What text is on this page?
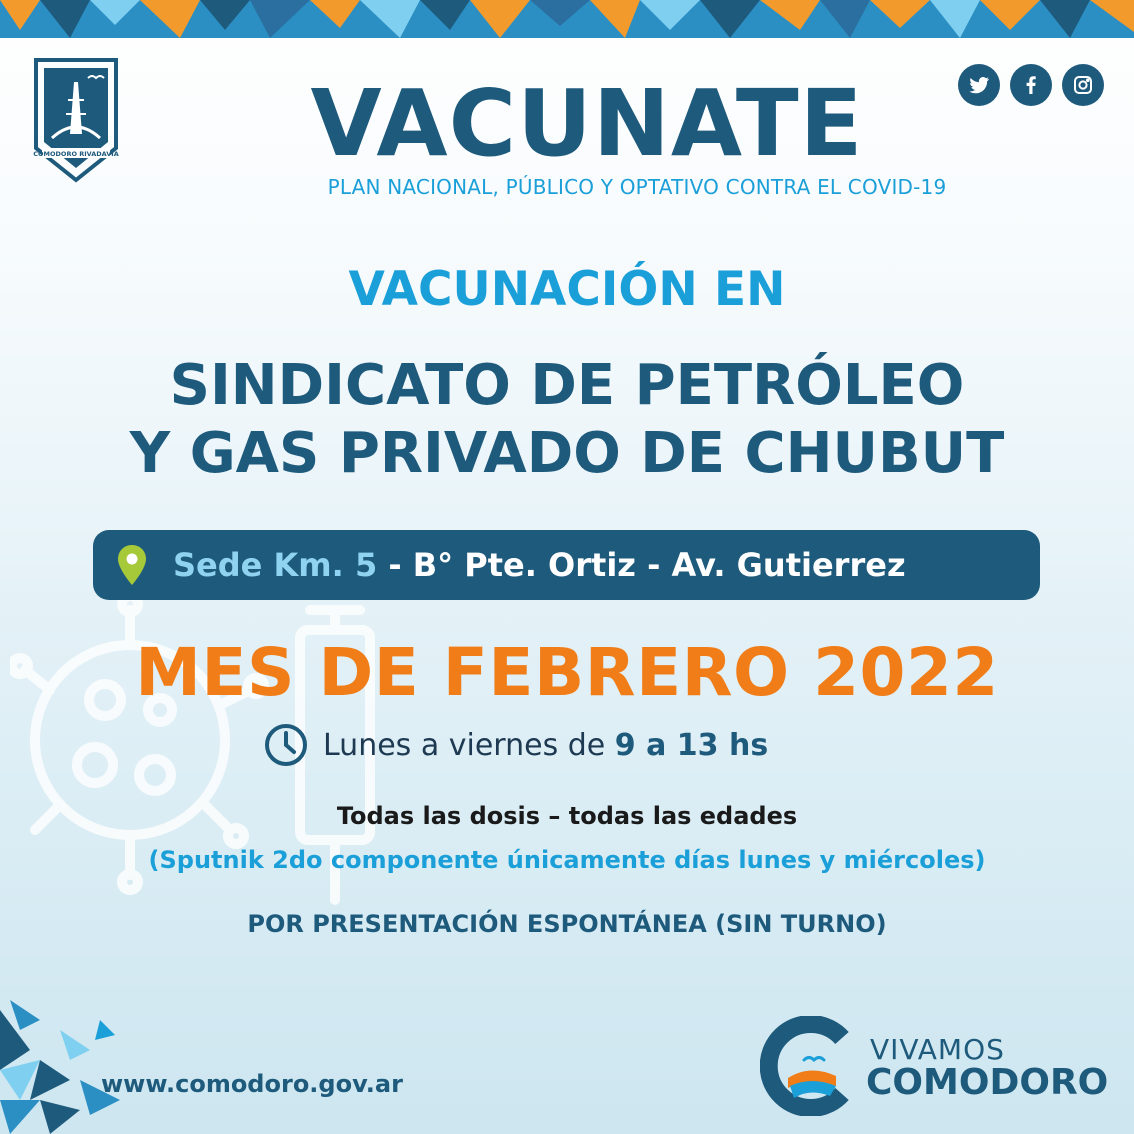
COMODORO RIVADAVIA	VACUNATE
PLAN NACIONAL, PÚBLICO Y OPTATIVO CONTRA EL COVID-19
VACUNACIÓN EN
SINDICATO DE PETRÓLEO
Y GAS PRIVADO DE CHUBUT
Sede Km. 5 - B° Pte. Ortiz - Av. Gutierrez
MES DE FEBRERO 2022
Lunes a viernes de 9 a 13 hs
Todas las dosis – todas las edades
(Sputnik 2do componente únicamente días lunes y miércoles)
POR PRESENTACIÓN ESPONTÁNEA (SIN TURNO)
www.comodoro.gov.ar
VIVAMOS
COMODORO
